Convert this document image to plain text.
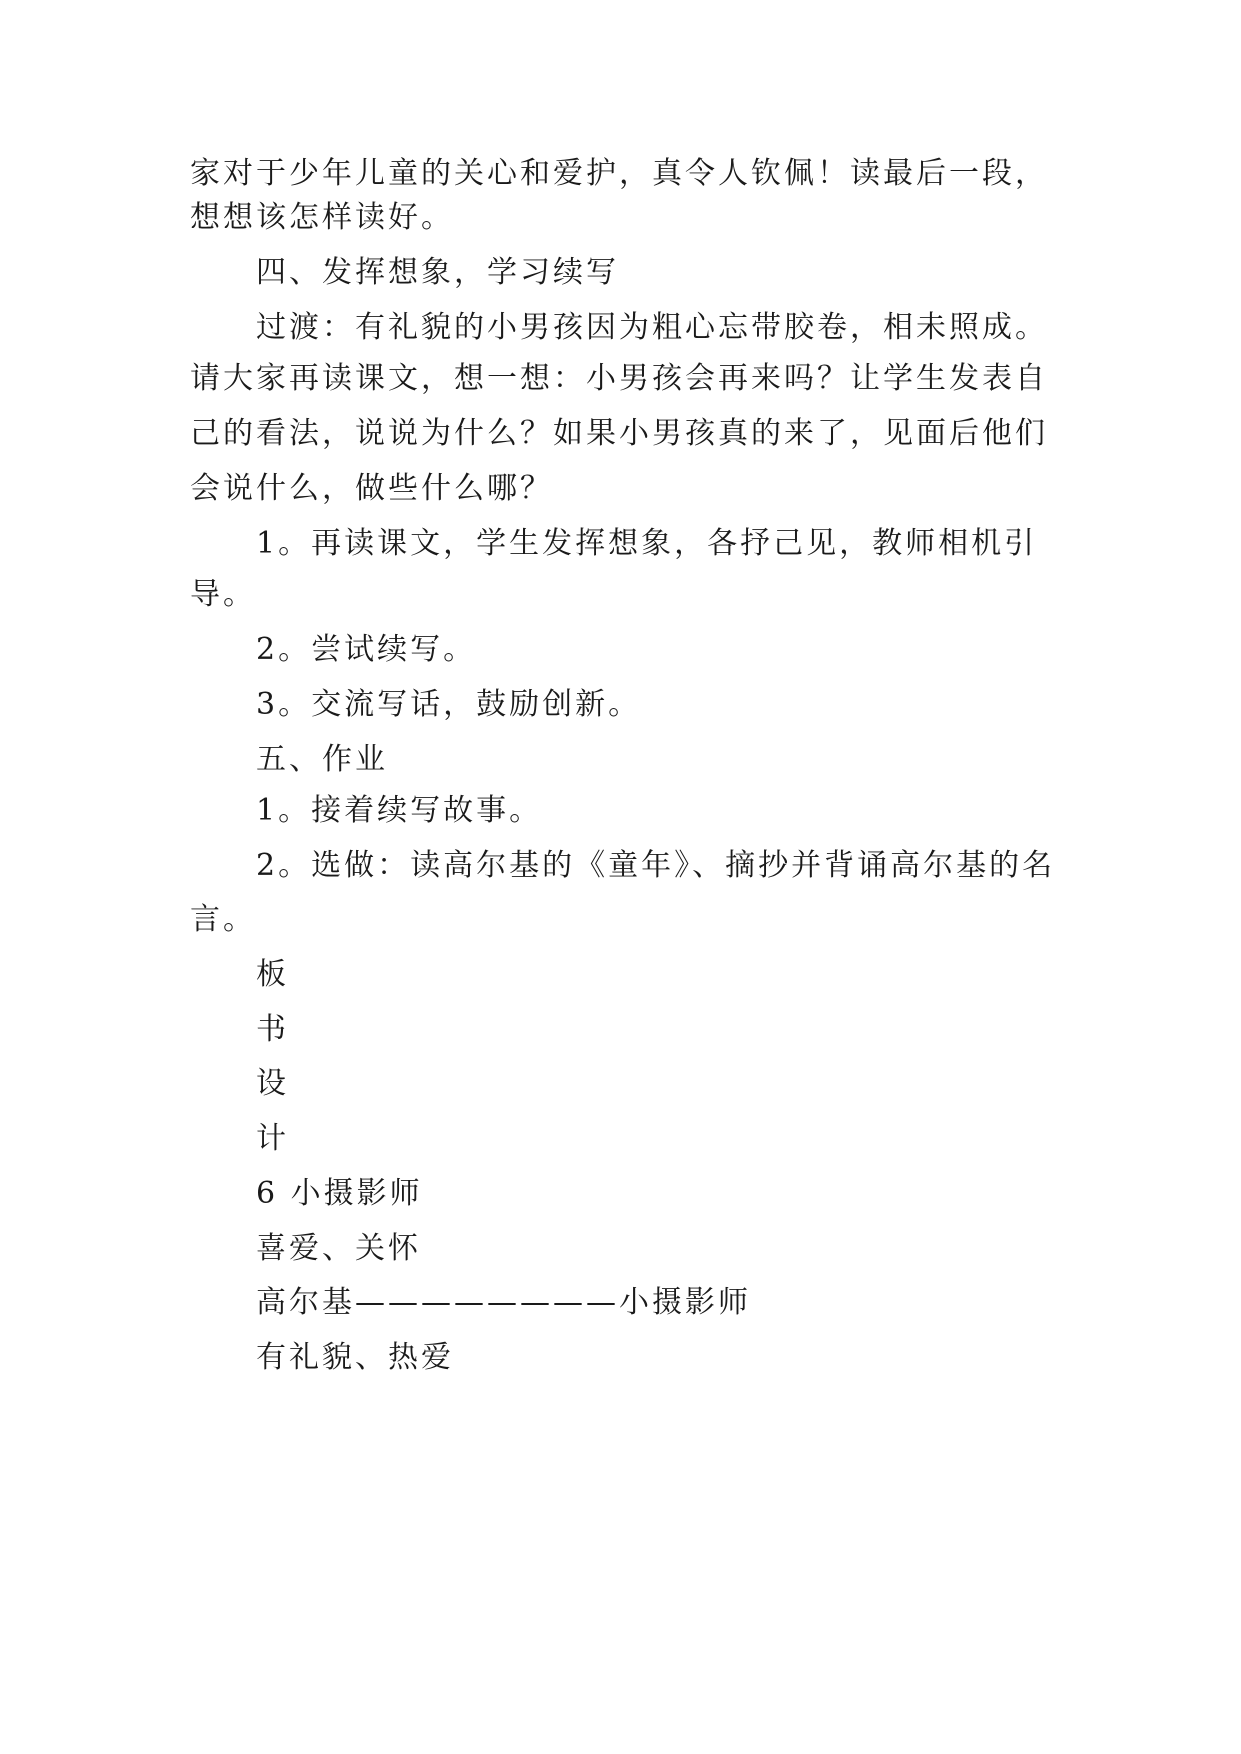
家对于少年儿童的关心和爱护，真令人钦佩！读最后一段，
想想该怎样读好。
四、发挥想象，学习续写
过渡：有礼貌的小男孩因为粗心忘带胶卷，相未照成。
请大家再读课文，想一想：小男孩会再来吗？让学生发表自
己的看法，说说为什么？如果小男孩真的来了，见面后他们
会说什么，做些什么哪？
1。再读课文，学生发挥想象，各抒己见，教师相机引
导。
2。尝试续写。
3。交流写话，鼓励创新。
五、作业
1。接着续写故事。
2。选做：读高尔基的《童年》、摘抄并背诵高尔基的名
言。
板
书
设
计
6 小摄影师
喜爱、关怀
高尔基————————小摄影师
有礼貌、热爱
